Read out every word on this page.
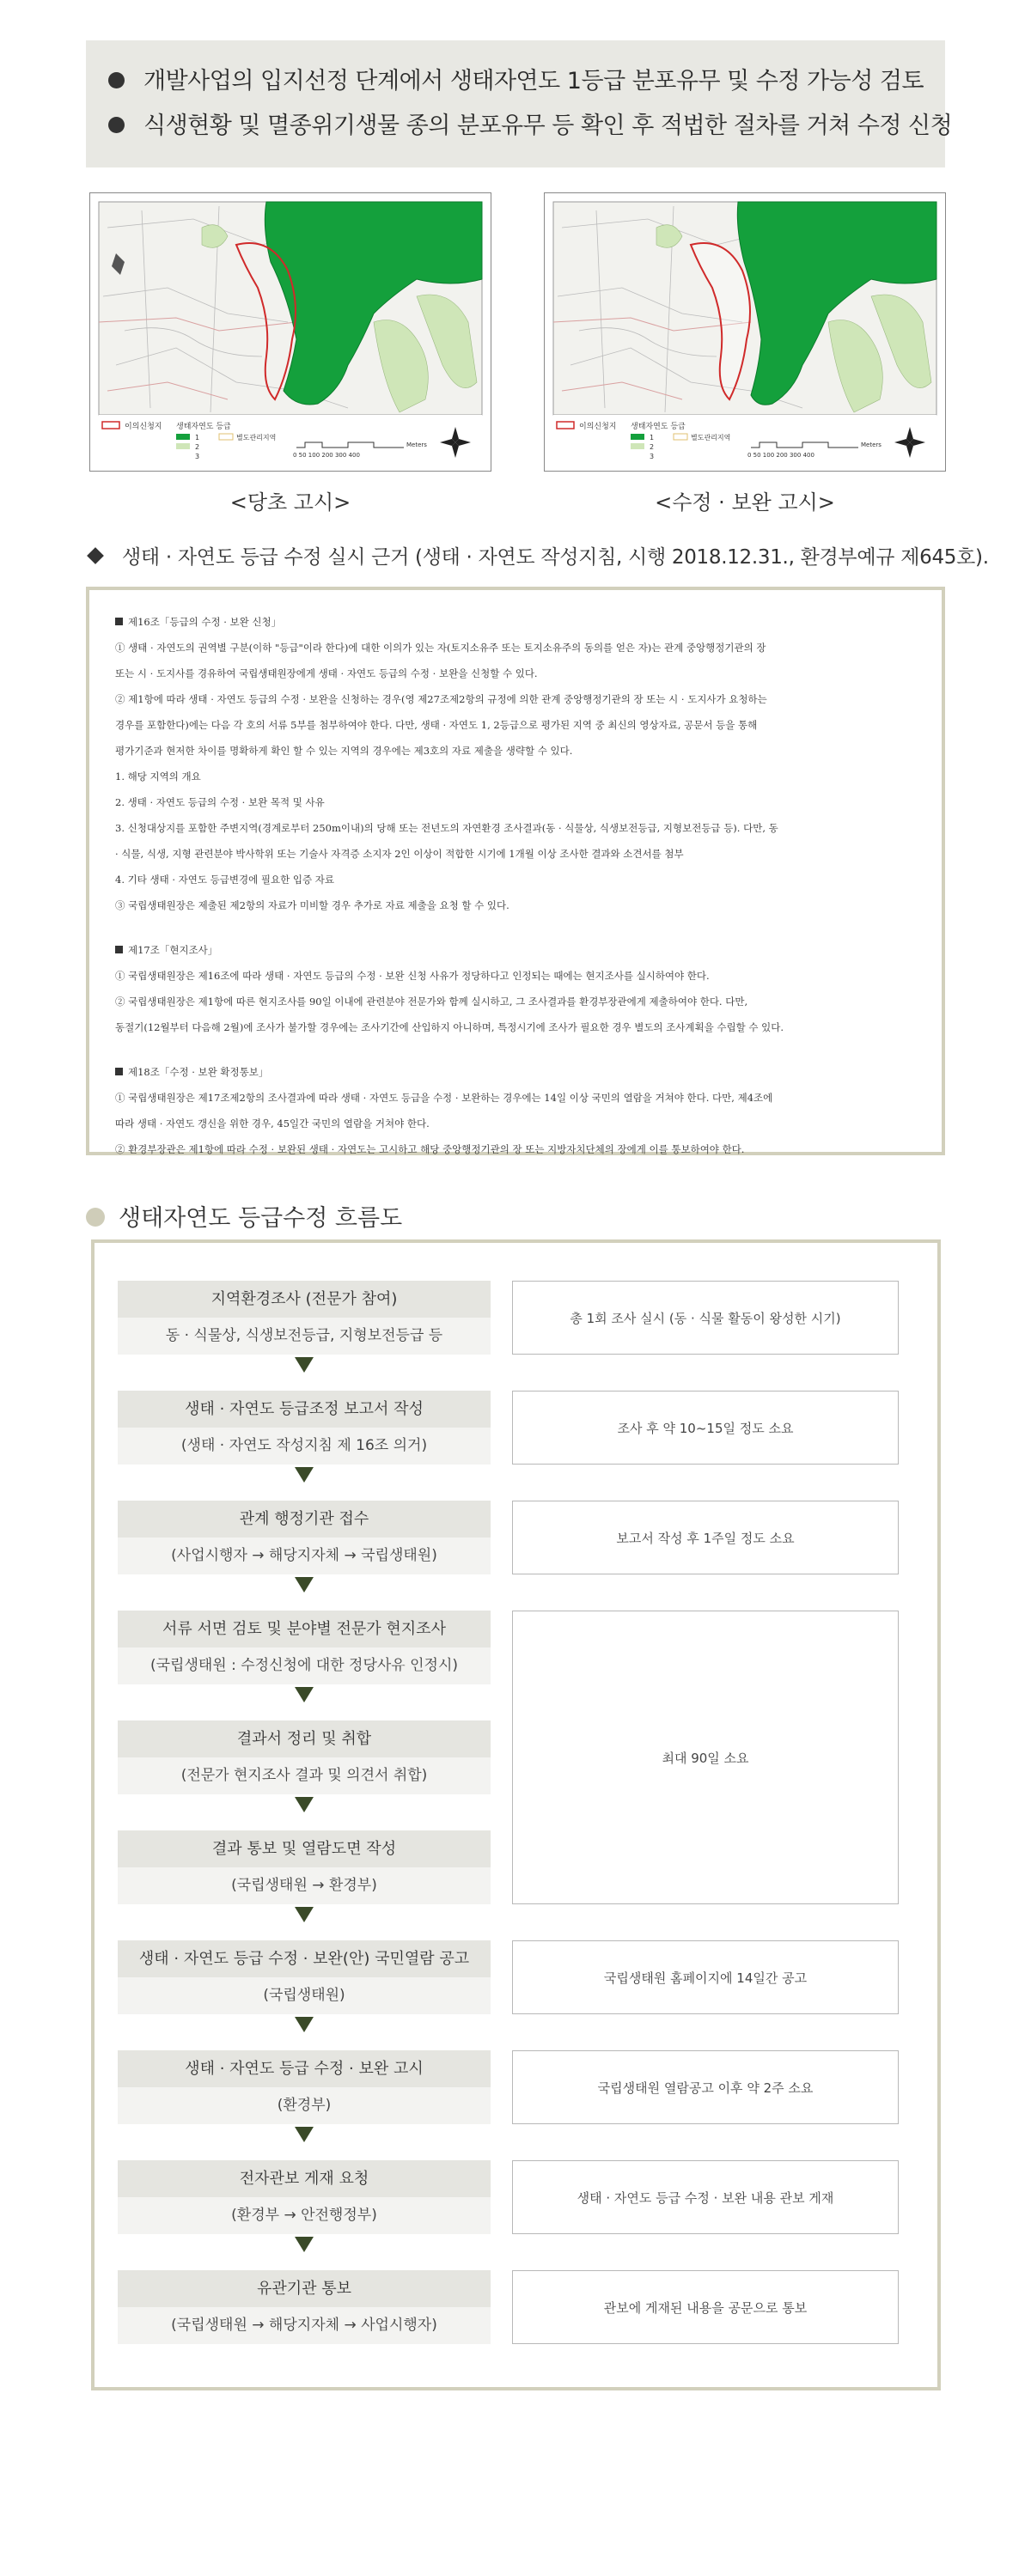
개발사업의 입지선정 단계에서 생태자연도 1등급 분포유무 및 수정 가능성 검토
식생현황 및 멸종위기생물 종의 분포유무 등 확인 후 적법한 절차를 거쳐 수정 신청
이의신청지 생태자연도 등급
1
2
3
별도관리지역
0 50 100 200 300 400
Meters
이의신청지 생태자연도 등급
1
2
3
별도관리지역
0 50 100 200 300 400
Meters
<당초 고시>	<수정 · 보완 고시>
생태 · 자연도 등급 수정 실시 근거 (생태 · 자연도 작성지침, 시행 2018.12.31., 환경부예규 제645호).
제16조「등급의 수정 · 보완 신청」
① 생태 · 자연도의 권역별 구분(이하 "등급"이라 한다)에 대한 이의가 있는 자(토지소유주 또는 토지소유주의 동의를 얻은 자)는 관계 중앙행정기관의 장
또는 시 · 도지사를 경유하여 국립생태원장에게 생태 · 자연도 등급의 수정 · 보완을 신청할 수 있다.
② 제1항에 따라 생태 · 자연도 등급의 수정 · 보완을 신청하는 경우(영 제27조제2항의 규정에 의한 관계 중앙행정기관의 장 또는 시 · 도지사가 요청하는
경우를 포함한다)에는 다음 각 호의 서류 5부를 첨부하여야 한다. 다만, 생태 · 자연도 1, 2등급으로 평가된 지역 중 최신의 영상자료, 공문서 등을 통해
평가기준과 현저한 차이를 명확하게 확인 할 수 있는 지역의 경우에는 제3호의 자료 제출을 생략할 수 있다.
1. 해당 지역의 개요
2. 생태 · 자연도 등급의 수정 · 보완 목적 및 사유
3. 신청대상지를 포함한 주변지역(경계로부터 250m이내)의 당해 또는 전년도의 자연환경 조사결과(동 · 식물상, 식생보전등급, 지형보전등급 등). 다만, 동
· 식물, 식생, 지형 관련분야 박사학위 또는 기술사 자격증 소지자 2인 이상이 적합한 시기에 1개월 이상 조사한 결과와 소견서를 첨부
4. 기타 생태 · 자연도 등급변경에 필요한 입증 자료
③ 국립생태원장은 제출된 제2항의 자료가 미비할 경우 추가로 자료 제출을 요청 할 수 있다.
제17조「현지조사」
① 국립생태원장은 제16조에 따라 생태 · 자연도 등급의 수정 · 보완 신청 사유가 정당하다고 인정되는 때에는 현지조사를 실시하여야 한다.
② 국립생태원장은 제1항에 따른 현지조사를 90일 이내에 관련분야 전문가와 함께 실시하고, 그 조사결과를 환경부장관에게 제출하여야 한다. 다만,
동절기(12월부터 다음해 2월)에 조사가 불가할 경우에는 조사기간에 산입하지 아니하며, 특정시기에 조사가 필요한 경우 별도의 조사계획을 수립할 수 있다.
제18조「수정 · 보완 확정통보」
① 국립생태원장은 제17조제2항의 조사결과에 따라 생태 · 자연도 등급을 수정 · 보완하는 경우에는 14일 이상 국민의 열람을 거쳐야 한다. 다만, 제4조에
따라 생태 · 자연도 갱신을 위한 경우, 45일간 국민의 열람을 거쳐야 한다.
② 환경부장관은 제1항에 따라 수정 · 보완된 생태 · 자연도는 고시하고 해당 중앙행정기관의 장 또는 지방자치단체의 장에게 이를 통보하여야 한다.
생태자연도 등급수정 흐름도
지역환경조사 (전문가 참여)
동 · 식물상, 식생보전등급, 지형보전등급 등
생태 · 자연도 등급조정 보고서 작성
(생태 · 자연도 작성지침 제 16조 의거)
관계 행정기관 접수
(사업시행자 → 해당지자체 → 국립생태원)
서류 서면 검토 및 분야별 전문가 현지조사
(국립생태원 : 수정신청에 대한 정당사유 인정시)
결과서 정리 및 취합
(전문가 현지조사 결과 및 의견서 취합)
결과 통보 및 열람도면 작성
(국립생태원 → 환경부)
생태 · 자연도 등급 수정 · 보완(안) 국민열람 공고
(국립생태원)
생태 · 자연도 등급 수정 · 보완 고시
(환경부)
전자관보 게재 요청
(환경부 → 안전행정부)
유관기관 통보
(국립생태원 → 해당지자체 → 사업시행자)
총 1회 조사 실시 (동 · 식물 활동이 왕성한 시기)
조사 후 약 10~15일 정도 소요
보고서 작성 후 1주일 정도 소요
최대 90일 소요
국립생태원 홈페이지에 14일간 공고
국립생태원 열람공고 이후 약 2주 소요
생태 · 자연도 등급 수정 · 보완 내용 관보 게재
관보에 게재된 내용을 공문으로 통보
